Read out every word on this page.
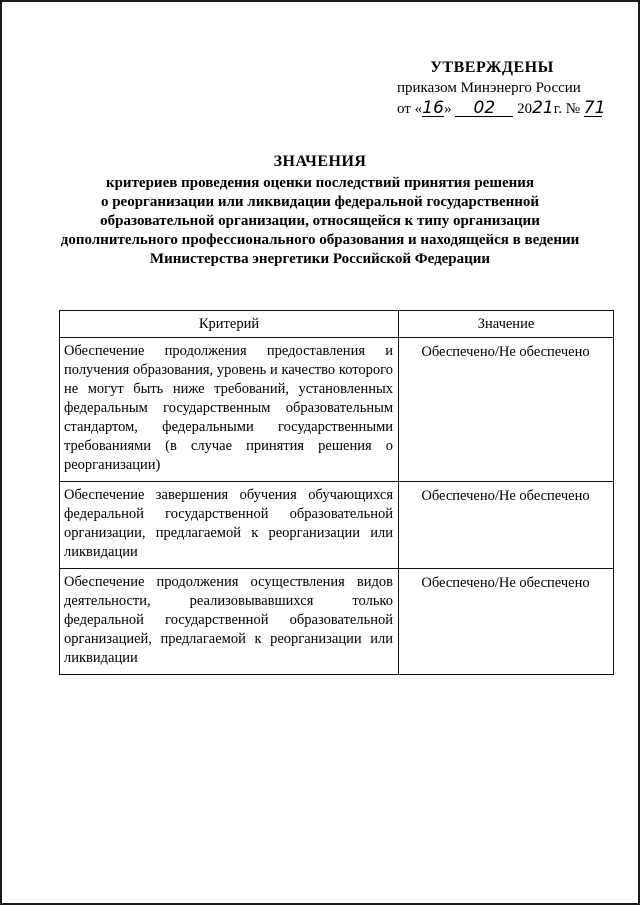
УТВЕРЖДЕНЫ
приказом Минэнерго России
от «16» 02 2021г. № 71
ЗНАЧЕНИЯ
критериев проведения оценки последствий принятия решения
о реорганизации или ликвидации федеральной государственной
образовательной организации, относящейся к типу организации
дополнительного профессионального образования и находящейся в ведении
Министерства энергетики Российской Федерации
Критерий	Значение
Обеспечение продолжения предоставления и получения образования, уровень и качество которого не могут быть ниже требований, установленных федеральным государственным образовательным стандартом, федеральными государственными требованиями (в случае принятия решения о реорганизации)	Обеспечено/Не обеспечено
Обеспечение завершения обучения обучающихся федеральной государственной образовательной организации, предлагаемой к реорганизации или ликвидации	Обеспечено/Не обеспечено
Обеспечение продолжения осуществления видов деятельности, реализовывавшихся только федеральной государственной образовательной организацией, предлагаемой к реорганизации или ликвидации	Обеспечено/Не обеспечено
